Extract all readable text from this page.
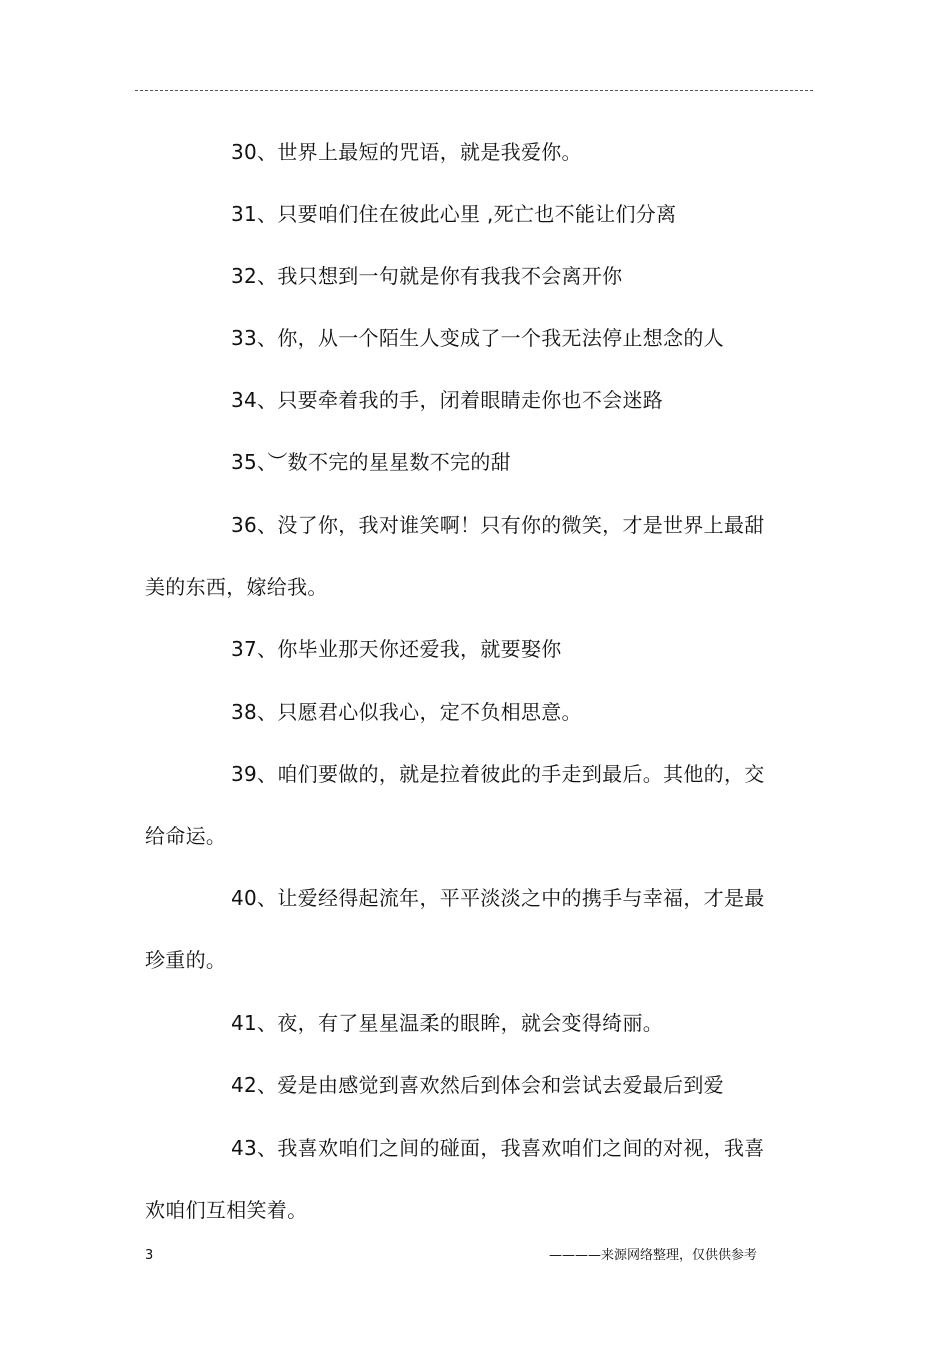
30、世界上最短的咒语，就是我爱你。
31、只要咱们住在彼此心里 ,死亡也不能让们分离
32、我只想到一句就是你有我我不会离开你
33、你，从一个陌生人变成了一个我无法停止想念的人
34、只要牵着我的手，闭着眼睛走你也不会迷路
35、︶数不完的星星数不完的甜
36、没了你，我对谁笑啊！只有你的微笑，才是世界上最甜
美的东西，嫁给我。
37、你毕业那天你还爱我，就要娶你
38、只愿君心似我心，定不负相思意。
39、咱们要做的，就是拉着彼此的手走到最后。其他的，交
给命运。
40、让爱经得起流年，平平淡淡之中的携手与幸福，才是最
珍重的。
41、夜，有了星星温柔的眼眸，就会变得绮丽。
42、爱是由感觉到喜欢然后到体会和尝试去爱最后到爱
43、我喜欢咱们之间的碰面，我喜欢咱们之间的对视，我喜
欢咱们互相笑着。
3	————来源网络整理，仅供供参考
